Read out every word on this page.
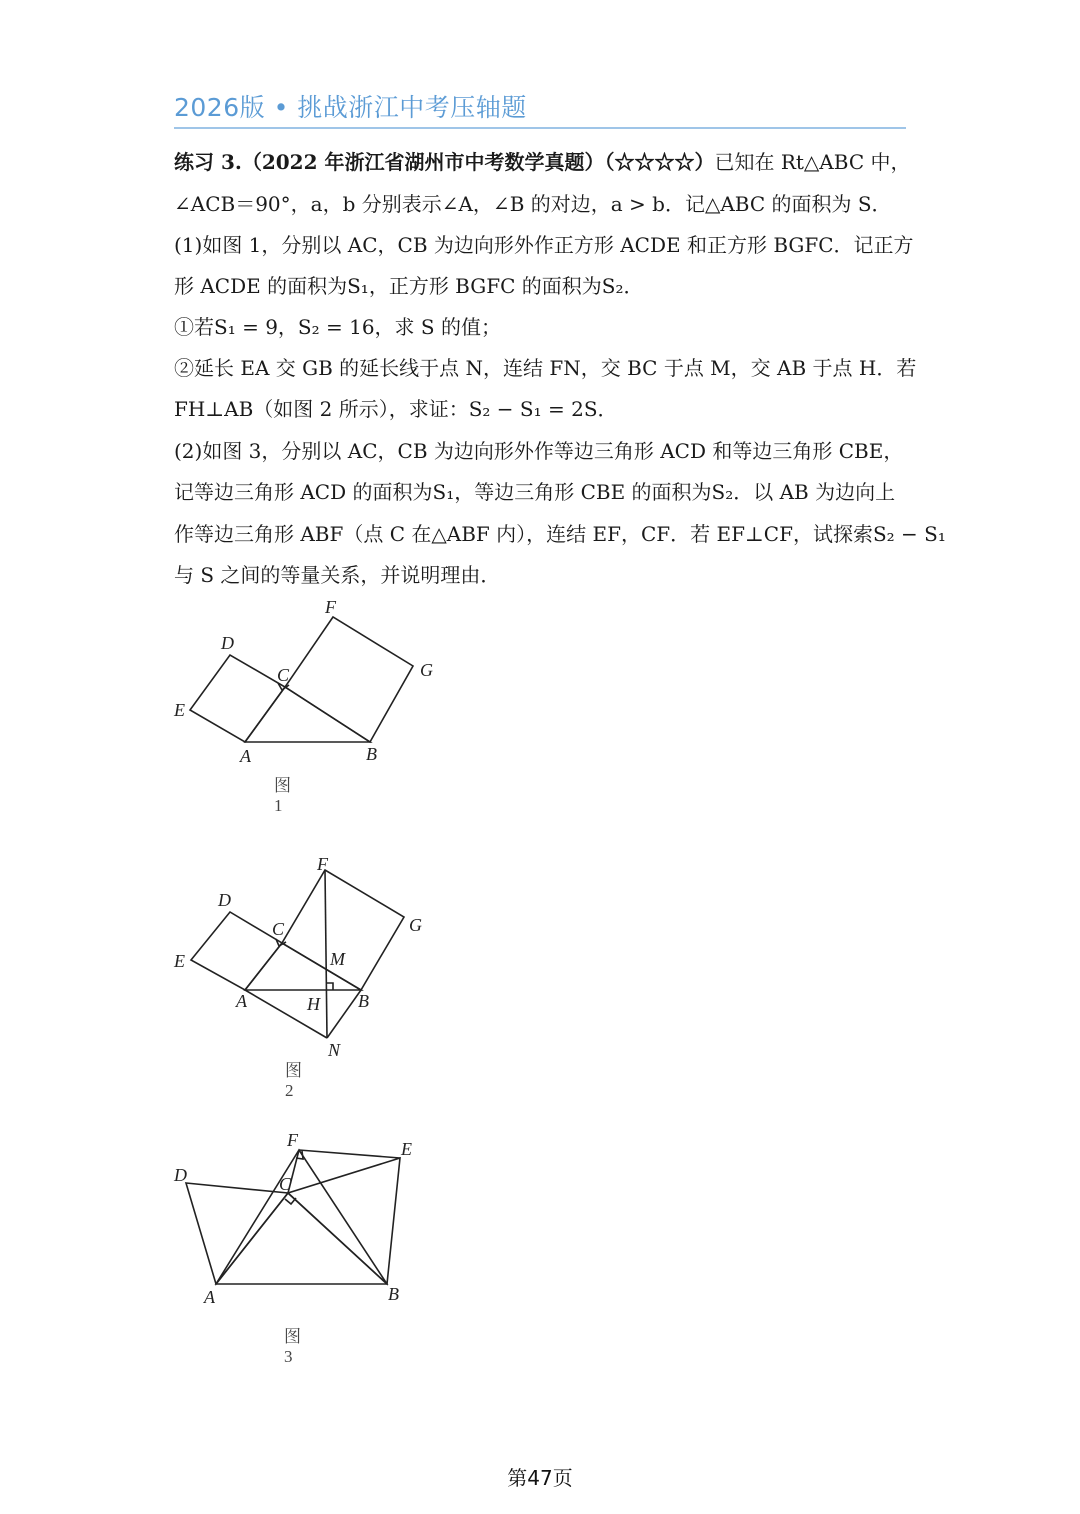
2026版 • 挑战浙江中考压轴题
练习 3.（2022 年浙江省湖州市中考数学真题）（☆☆☆☆）已知在 Rt△ABC 中，
∠ACB＝90°，a，b 分别表示∠A，∠B 的对边，a > b．记△ABC 的面积为 S．
(1)如图 1，分别以 AC，CB 为边向形外作正方形 ACDE 和正方形 BGFC．记正方
形 ACDE 的面积为S₁，正方形 BGFC 的面积为S₂．
①若S₁ = 9，S₂ = 16，求 S 的值；
②延长 EA 交 GB 的延长线于点 N，连结 FN，交 BC 于点 M，交 AB 于点 H．若
FH⊥AB（如图 2 所示），求证：S₂ − S₁ = 2S．
(2)如图 3，分别以 AC，CB 为边向形外作等边三角形 ACD 和等边三角形 CBE，
记等边三角形 ACD 的面积为S₁，等边三角形 CBE 的面积为S₂．以 AB 为边向上
作等边三角形 ABF（点 C 在△ABF 内），连结 EF，CF．若 EF⊥CF，试探索S₂ − S₁
与 S 之间的等量关系，并说明理由．
A	B
C
D
E
F
G
图1
A	B
C
D
E
F
G
H
M
N
图2
A	B
C
D
E
F
图3
第47页
